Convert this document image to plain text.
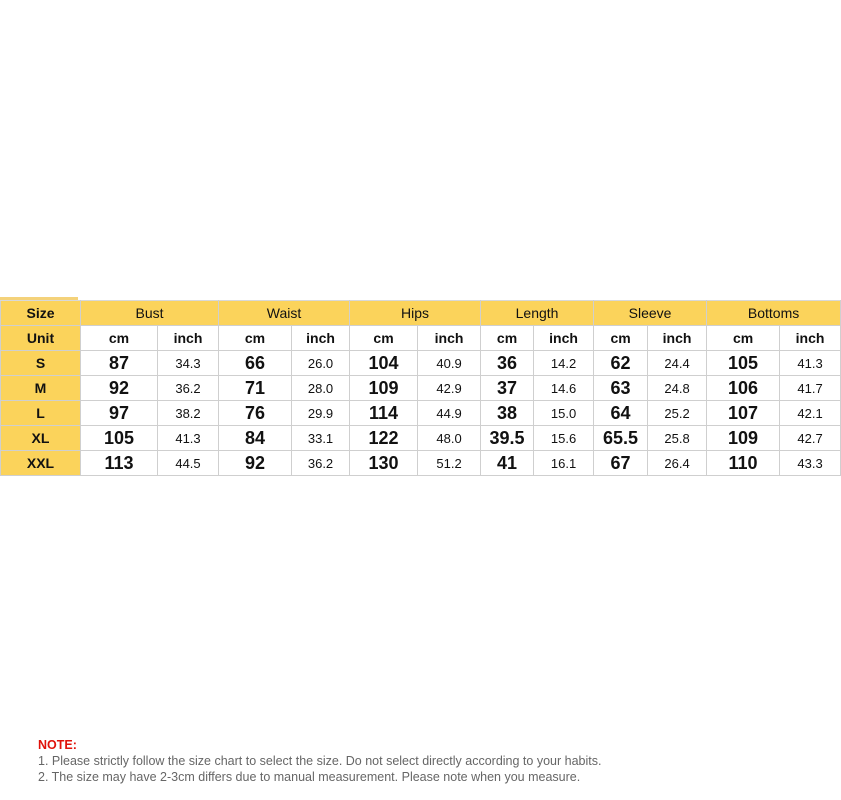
Size	Bust		Waist		Hips		Length		Sleeve		Bottoms	
Unit	cm	inch	cm	inch	cm	inch	cm	inch	cm	inch	cm	inch
S	87	34.3	66	26.0	104	40.9	36	14.2	62	24.4	105	41.3
M	92	36.2	71	28.0	109	42.9	37	14.6	63	24.8	106	41.7
L	97	38.2	76	29.9	114	44.9	38	15.0	64	25.2	107	42.1
XL	105	41.3	84	33.1	122	48.0	39.5	15.6	65.5	25.8	109	42.7
XXL	113	44.5	92	36.2	130	51.2	41	16.1	67	26.4	110	43.3
NOTE:
1. Please strictly follow the size chart to select the size. Do not select directly according to your habits.
2. The size may have 2-3cm differs due to manual measurement. Please note when you measure.
